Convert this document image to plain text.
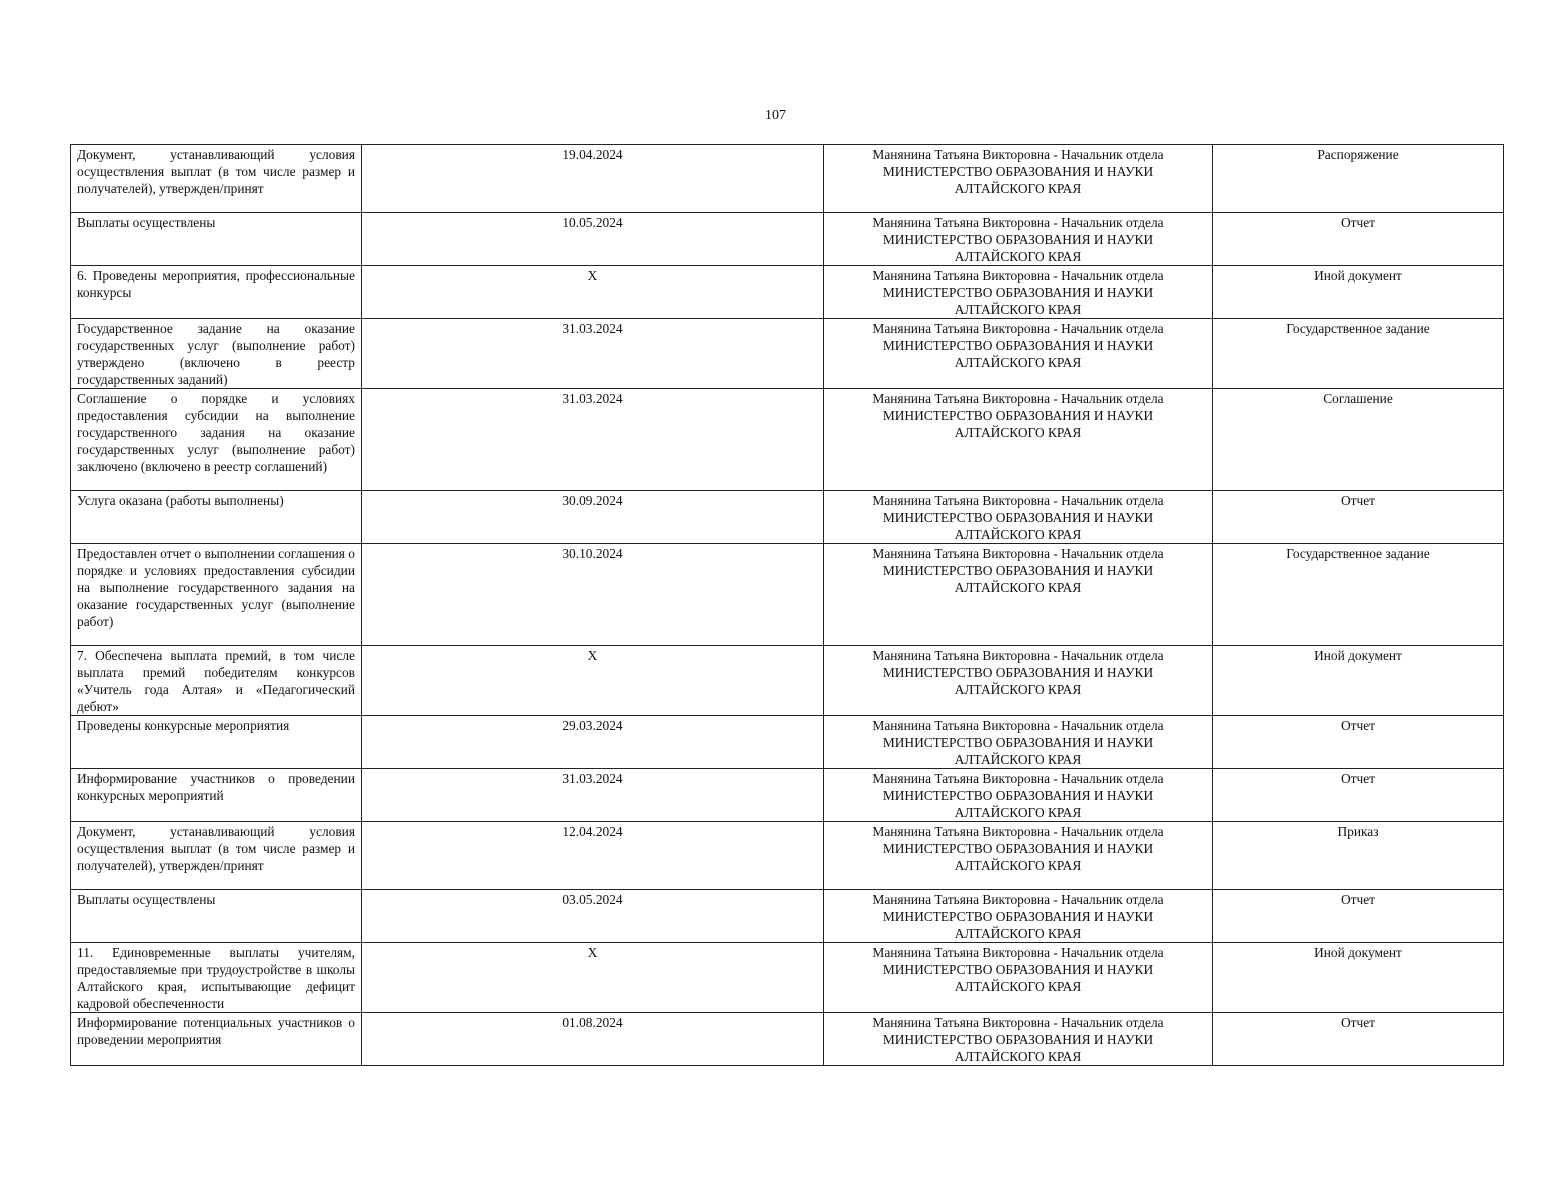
107
Документ, устанавливающий условия осуществления выплат (в том числе размер и получателей), утвержден/принят	19.04.2024	Манянина Татьяна Викторовна - Начальник отдела
МИНИСТЕРСТВО ОБРАЗОВАНИЯ И НАУКИ
АЛТАЙСКОГО КРАЯ	Распоряжение
Выплаты осуществлены	10.05.2024	Манянина Татьяна Викторовна - Начальник отдела
МИНИСТЕРСТВО ОБРАЗОВАНИЯ И НАУКИ
АЛТАЙСКОГО КРАЯ	Отчет
6. Проведены мероприятия, профессиональные конкурсы	Х	Манянина Татьяна Викторовна - Начальник отдела
МИНИСТЕРСТВО ОБРАЗОВАНИЯ И НАУКИ
АЛТАЙСКОГО КРАЯ	Иной документ
Государственное задание на оказание государственных услуг (выполнение работ) утверждено (включено в реестр государственных заданий)	31.03.2024	Манянина Татьяна Викторовна - Начальник отдела
МИНИСТЕРСТВО ОБРАЗОВАНИЯ И НАУКИ
АЛТАЙСКОГО КРАЯ	Государственное задание
Соглашение о порядке и условиях предоставления субсидии на выполнение государственного задания на оказание государственных услуг (выполнение работ) заключено (включено в реестр соглашений)	31.03.2024	Манянина Татьяна Викторовна - Начальник отдела
МИНИСТЕРСТВО ОБРАЗОВАНИЯ И НАУКИ
АЛТАЙСКОГО КРАЯ	Соглашение
Услуга оказана (работы выполнены)	30.09.2024	Манянина Татьяна Викторовна - Начальник отдела
МИНИСТЕРСТВО ОБРАЗОВАНИЯ И НАУКИ
АЛТАЙСКОГО КРАЯ	Отчет
Предоставлен отчет о выполнении соглашения о порядке и условиях предоставления субсидии на выполнение государственного задания на оказание государственных услуг (выполнение работ)	30.10.2024	Манянина Татьяна Викторовна - Начальник отдела
МИНИСТЕРСТВО ОБРАЗОВАНИЯ И НАУКИ
АЛТАЙСКОГО КРАЯ	Государственное задание
7. Обеспечена выплата премий, в том числе выплата премий победителям конкурсов «Учитель года Алтая» и «Педагогический дебют»	Х	Манянина Татьяна Викторовна - Начальник отдела
МИНИСТЕРСТВО ОБРАЗОВАНИЯ И НАУКИ
АЛТАЙСКОГО КРАЯ	Иной документ
Проведены конкурсные мероприятия	29.03.2024	Манянина Татьяна Викторовна - Начальник отдела
МИНИСТЕРСТВО ОБРАЗОВАНИЯ И НАУКИ
АЛТАЙСКОГО КРАЯ	Отчет
Информирование участников о проведении конкурсных мероприятий	31.03.2024	Манянина Татьяна Викторовна - Начальник отдела
МИНИСТЕРСТВО ОБРАЗОВАНИЯ И НАУКИ
АЛТАЙСКОГО КРАЯ	Отчет
Документ, устанавливающий условия осуществления выплат (в том числе размер и получателей), утвержден/принят	12.04.2024	Манянина Татьяна Викторовна - Начальник отдела
МИНИСТЕРСТВО ОБРАЗОВАНИЯ И НАУКИ
АЛТАЙСКОГО КРАЯ	Приказ
Выплаты осуществлены	03.05.2024	Манянина Татьяна Викторовна - Начальник отдела
МИНИСТЕРСТВО ОБРАЗОВАНИЯ И НАУКИ
АЛТАЙСКОГО КРАЯ	Отчет
11. Единовременные выплаты учителям, предоставляемые при трудоустройстве в школы Алтайского края, испытывающие дефицит кадровой обеспеченности	Х	Манянина Татьяна Викторовна - Начальник отдела
МИНИСТЕРСТВО ОБРАЗОВАНИЯ И НАУКИ
АЛТАЙСКОГО КРАЯ	Иной документ
Информирование потенциальных участников о проведении мероприятия	01.08.2024	Манянина Татьяна Викторовна - Начальник отдела
МИНИСТЕРСТВО ОБРАЗОВАНИЯ И НАУКИ
АЛТАЙСКОГО КРАЯ	Отчет
